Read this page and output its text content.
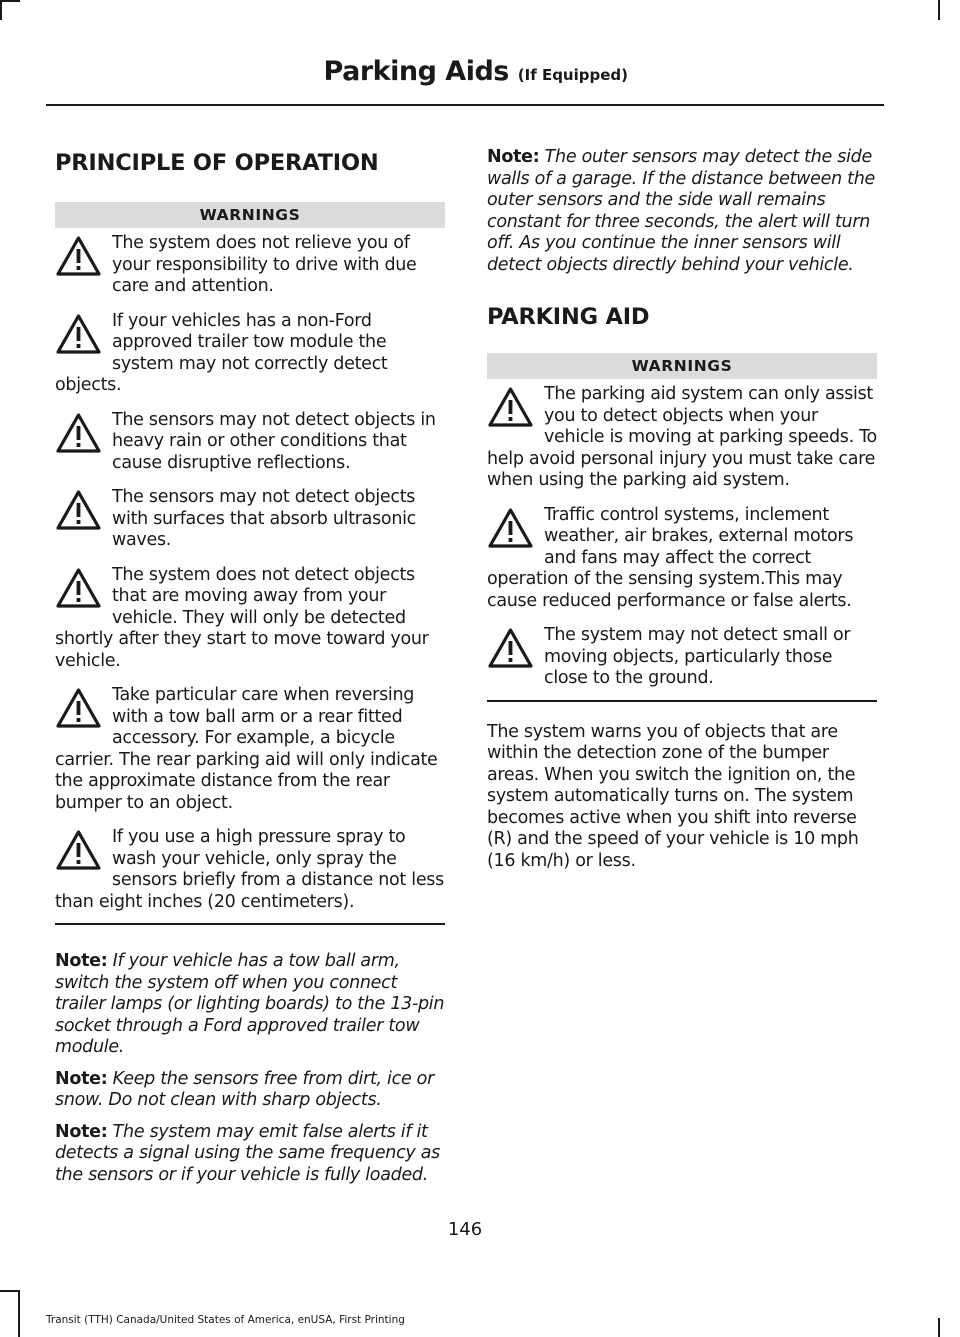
Parking Aids (If Equipped)
PRINCIPLE OF OPERATION
WARNINGS
The system does not relieve you of your responsibility to drive with due care and attention.
If your vehicles has a non-Ford approved trailer tow module the system may not correctly detect objects.
The sensors may not detect objects in heavy rain or other conditions that cause disruptive reflections.
The sensors may not detect objects with surfaces that absorb ultrasonic waves.
The system does not detect objects that are moving away from your vehicle. They will only be detected shortly after they start to move toward your vehicle.
Take particular care when reversing with a tow ball arm or a rear fitted accessory. For example, a bicycle carrier. The rear parking aid will only indicate the approximate distance from the rear bumper to an object.
If you use a high pressure spray to wash your vehicle, only spray the sensors briefly from a distance not less than eight inches (20 centimeters).

Note: If your vehicle has a tow ball arm, switch the system off when you connect trailer lamps (or lighting boards) to the 13-pin socket through a Ford approved trailer tow module.

Note: Keep the sensors free from dirt, ice or snow. Do not clean with sharp objects.

Note: The system may emit false alerts if it detects a signal using the same frequency as the sensors or if your vehicle is fully loaded.

Note: The outer sensors may detect the side walls of a garage. If the distance between the outer sensors and the side wall remains constant for three seconds, the alert will turn off. As you continue the inner sensors will detect objects directly behind your vehicle.

PARKING AID
WARNINGS
The parking aid system can only assist you to detect objects when your vehicle is moving at parking speeds. To help avoid personal injury you must take care when using the parking aid system.
Traffic control systems, inclement weather, air brakes, external motors and fans may affect the correct operation of the sensing system.This may cause reduced performance or false alerts.
The system may not detect small or moving objects, particularly those close to the ground.

The system warns you of objects that are within the detection zone of the bumper areas. When you switch the ignition on, the system automatically turns on. The system becomes active when you shift into reverse (R) and the speed of your vehicle is 10 mph (16 km/h) or less.

146
Transit (TTH) Canada/United States of America, enUSA, First Printing
